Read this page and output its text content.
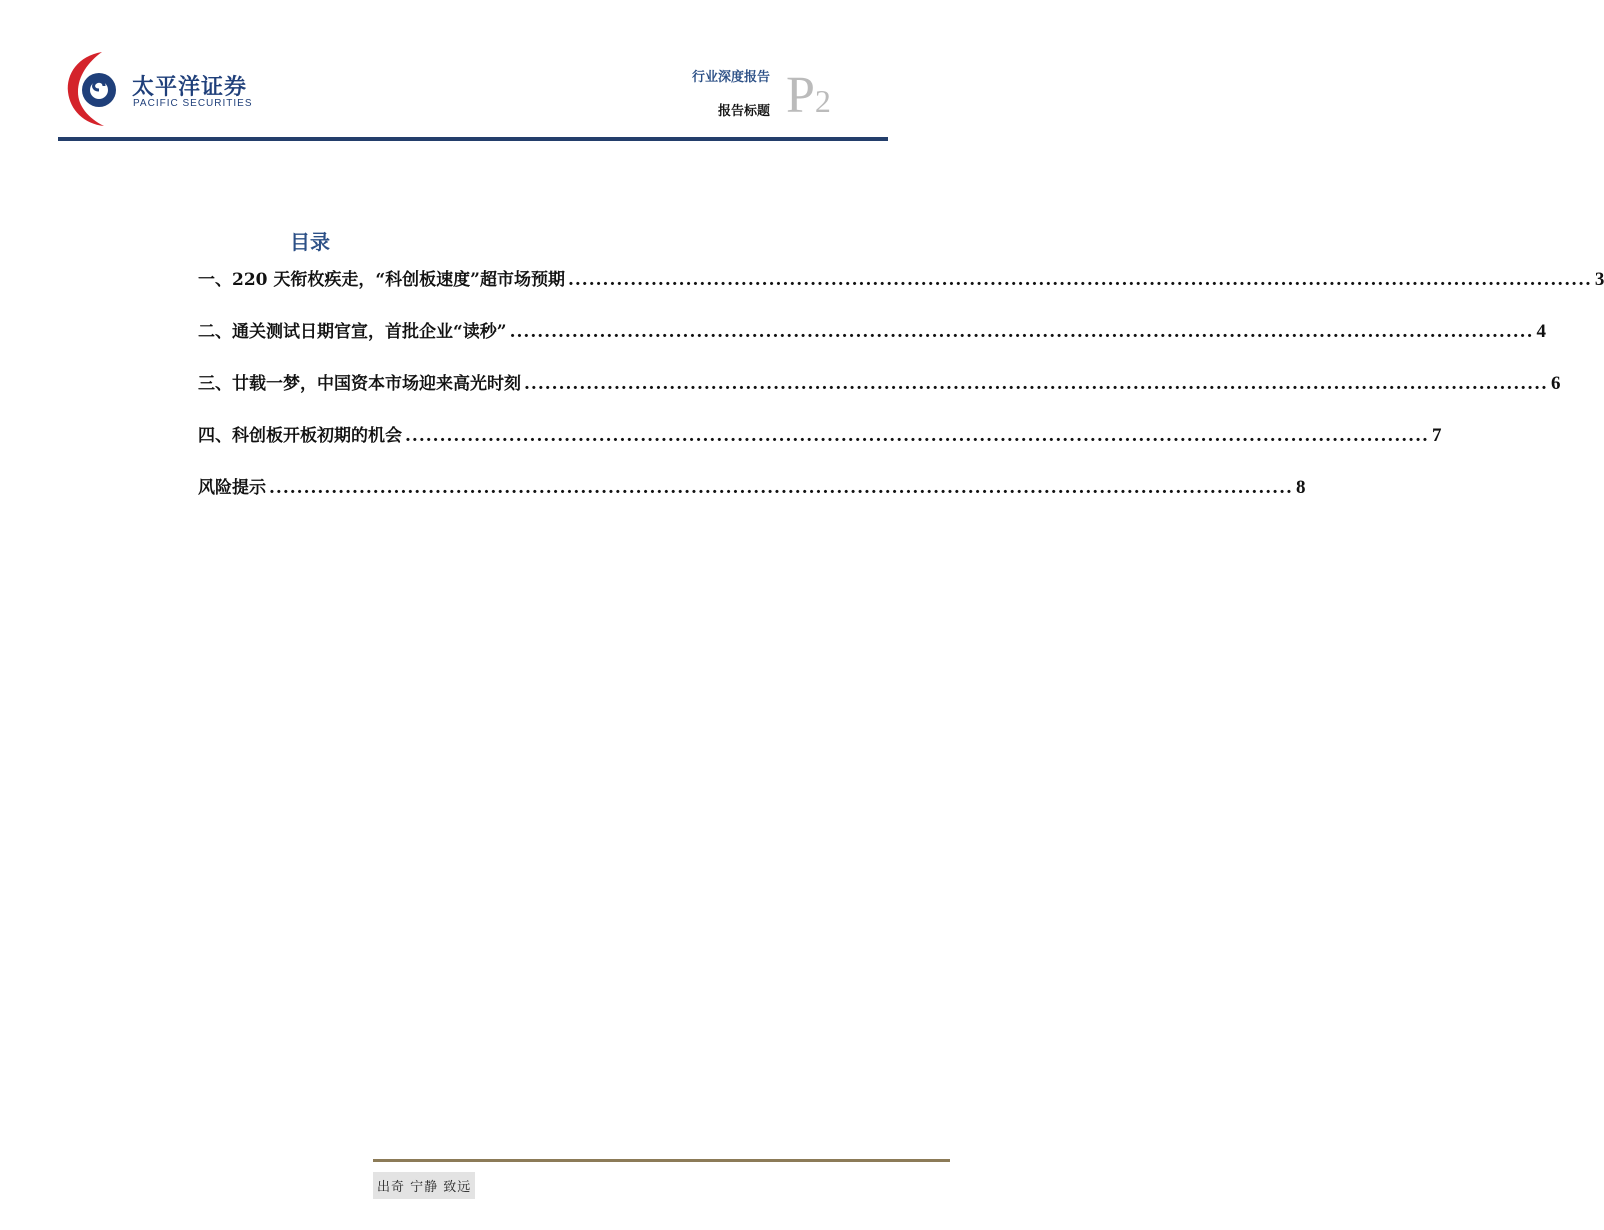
太平洋证券
PACIFIC SECURITIES
行业深度报告
报告标题 P2
目录
一、220 天衔枚疾走，“科创板速度”超市场预期 .................................................................................................................................................... 3
二、通关测试日期官宣，首批企业“读秒” .................................................................................................................................................... 4
三、廿载一梦，中国资本市场迎来高光时刻 .................................................................................................................................................... 6
四、科创板开板初期的机会 .................................................................................................................................................... 7
风险提示 .................................................................................................................................................... 8
出奇 宁静 致远
